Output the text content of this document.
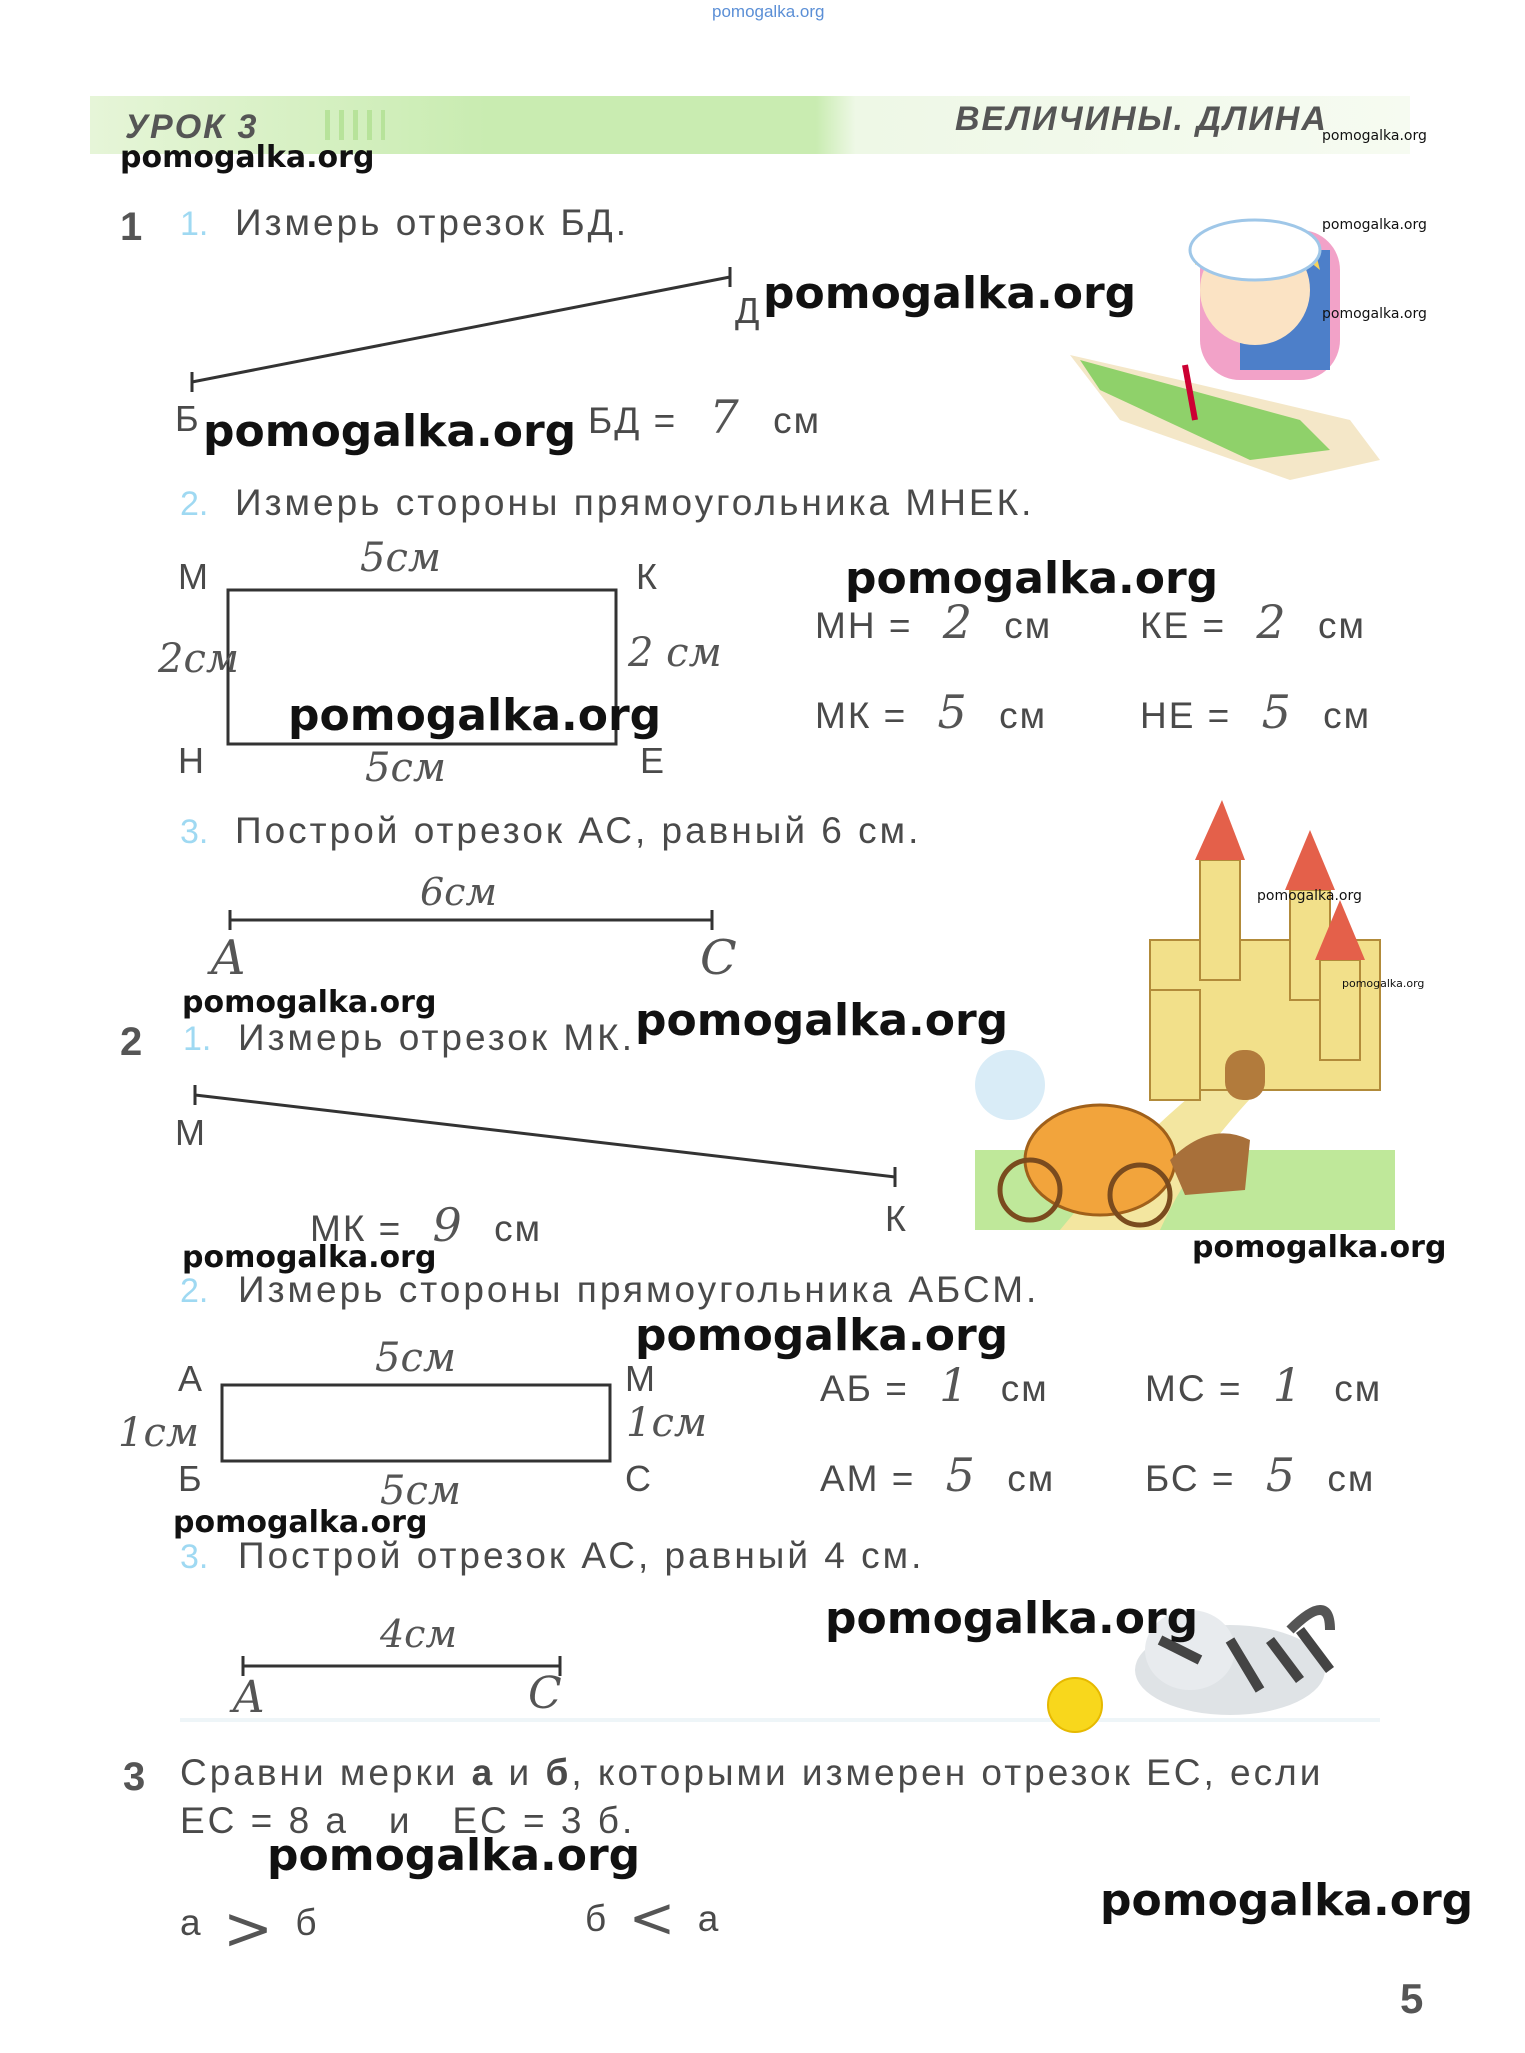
pomogalka.org
УРОК 3	ВЕЛИЧИНЫ. ДЛИНА
1 1. Измерь отрезок БД.
Б
Д
БД = 7 см
2. Измерь стороны прямоугольника МНЕК.
М	К
Н	Е
5см
5см
2см	2 см
МН = 2 см КЕ = 2 см
МК = 5 см	НЕ = 5 см
3. Построй отрезок АС, равный 6 см.
6см
А	С
2 1. Измерь отрезок МК.
М
К
МК = 9 см
2. Измерь стороны прямоугольника АБСМ.
А	М
Б	С
5см
5см
1см	1см
АБ = 1 см	МС = 1 см
АМ = 5 см БС = 5 см
3. Построй отрезок АС, равный 4 см.
4см
А	С
3 Сравни мерки а и б, которыми измерен отрезок ЕС, если
ЕС = 8 а   и   ЕС = 3 б.
а > б	б < а
5
pomogalka.org
pomogalka.org
pomogalka.org
pomogalka.org
pomogalka.org
pomogalka.org
pomogalka.org
pomogalka.org
pomogalka.org
pomogalka.org
pomogalka.org	pomogalka.org
pomogalka.org	pomogalka.org
pomogalka.org
pomogalka.org
pomogalka.org
pomogalka.org
pomogalka.org
